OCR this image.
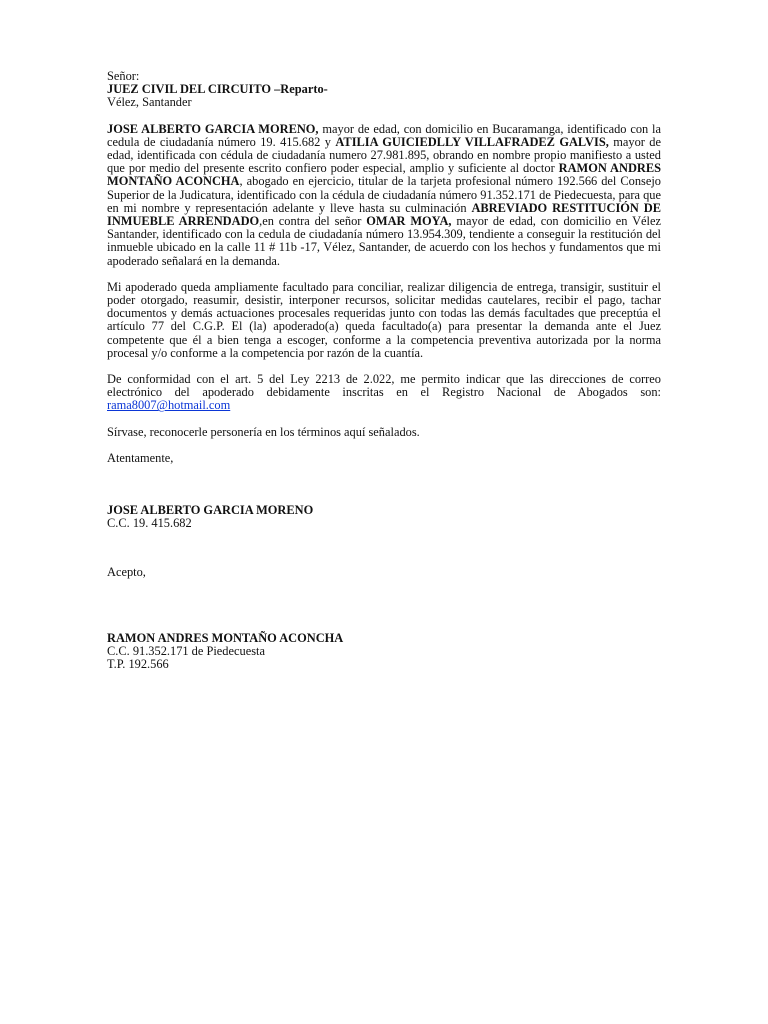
Señor:

JUEZ CIVIL DEL CIRCUITO –Reparto-

Vélez, Santander

JOSE ALBERTO GARCIA MORENO, mayor de edad, con domicilio en Bucaramanga, identificado con la cedula de ciudadanía número 19. 415.682 y ATILIA GUICIEDLLY VILLAFRADEZ GALVIS, mayor de edad, identificada con cédula de ciudadanía numero 27.981.895, obrando en nombre propio manifiesto a usted que por medio del presente escrito confiero poder especial, amplio y suficiente al doctor RAMON ANDRES MONTAÑO ACONCHA, abogado en ejercicio, titular de la tarjeta profesional número 192.566 del Consejo Superior de la Judicatura, identificado con la cédula de ciudadanía número 91.352.171 de Piedecuesta, para que en mi nombre y representación adelante y lleve hasta su culminación ABREVIADO RESTITUCIÓN DE INMUEBLE ARRENDADO,en contra del señor OMAR MOYA, mayor de edad, con domicilio en Vélez Santander, identificado con la cedula de ciudadanía número 13.954.309, tendiente a conseguir la restitución del inmueble ubicado en la calle 11 # 11b -17, Vélez, Santander, de acuerdo con los hechos y fundamentos que mi apoderado señalará en la demanda.

Mi apoderado queda ampliamente facultado para conciliar, realizar diligencia de entrega, transigir, sustituir el poder otorgado, reasumir, desistir, interponer recursos, solicitar medidas cautelares, recibir el pago, tachar documentos y demás actuaciones procesales requeridas junto con todas las demás facultades que preceptúa el artículo 77 del C.G.P. El (la) apoderado(a) queda facultado(a) para presentar la demanda ante el Juez competente que él a bien tenga a escoger, conforme a la competencia preventiva autorizada por la norma procesal y/o conforme a la competencia por razón de la cuantía.

De conformidad con el art. 5 del Ley 2213 de 2.022, me permito indicar que las direcciones de correo electrónico del apoderado debidamente inscritas en el Registro Nacional de Abogados son: rama8007@hotmail.com

Sírvase, reconocerle personería en los términos aquí señalados.

Atentamente,

JOSE ALBERTO GARCIA MORENO

C.C. 19. 415.682

Acepto,

RAMON ANDRES MONTAÑO ACONCHA

C.C. 91.352.171 de Piedecuesta

T.P. 192.566
